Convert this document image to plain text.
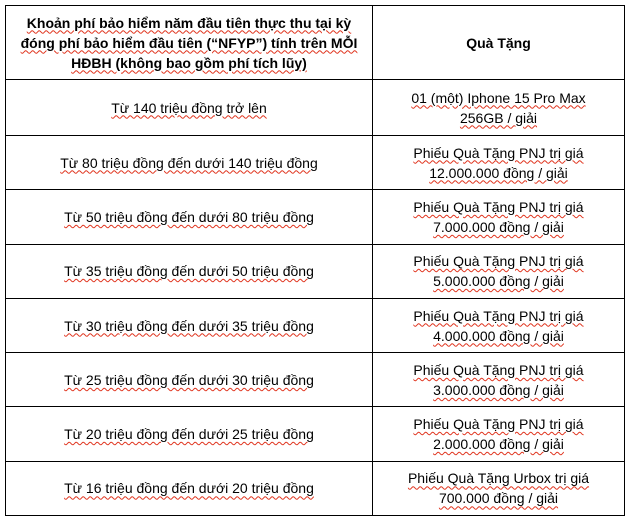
Khoản phí bảo hiểm năm đầu tiên thực thu tại kỳ đóng phí bảo hiểm đầu tiên (“NFYP”) tính trên MỖI HĐBH (không bao gồm phí tích lũy)	Quà Tặng
Từ 140 triệu đồng trở lên	01 (một) Iphone 15 Pro Max
256GB / giải
Từ 80 triệu đồng đến dưới 140 triệu đồng	Phiếu Quà Tặng PNJ trị giá
12.000.000 đồng / giải
Từ 50 triệu đồng đến dưới 80 triệu đồng	Phiếu Quà Tặng PNJ trị giá
7.000.000 đồng / giải
Từ 35 triệu đồng đến dưới 50 triệu đồng	Phiếu Quà Tặng PNJ trị giá
5.000.000 đồng / giải
Từ 30 triệu đồng đến dưới 35 triệu đồng	Phiếu Quà Tặng PNJ trị giá
4.000.000 đồng / giải
Từ 25 triệu đồng đến dưới 30 triệu đồng	Phiếu Quà Tặng PNJ trị giá
3.000.000 đồng / giải
Từ 20 triệu đồng đến dưới 25 triệu đồng	Phiếu Quà Tặng PNJ trị giá
2.000.000 đồng / giải
Từ 16 triệu đồng đến dưới 20 triệu đồng	Phiếu Quà Tặng Urbox trị giá
700.000 đồng / giải
